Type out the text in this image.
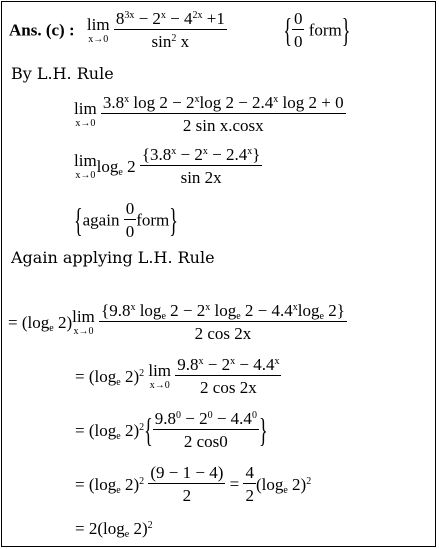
Ans. (c) : lim
x→0
$\frac{8^{3x} - 2^x - 4^{2x} +1}{\sin^2 x}$	{ $\frac{0}{0}$ form}
By L.H. Rule
lim
x→0
$\frac{3.8^x \log 2 - 2^x\log 2 - 2.4^x \log 2 + 0}{\text{2 sin x.cosx}}$
lim
x→0 $\log_e 2 \frac{\{3.8^x - 2^x - 2.4^x\}}{\sin 2x}$
{again $\frac{0}{0}$ form}
Again applying L.H. Rule
= ($\log_e$ 2) lim
x→0
$\frac{\{9.8^x \log_e 2 - 2^x \log_e 2 - 4.4^x\log_e 2\}}{2 \cos 2x}$
= ($\log_e$ 2)$^2$ lim
x→0
$\frac{9.8^x - 2^x - 4.4^x}{2 \cos 2x}$
= ($\log_e$ $2)^2\{ \frac{9.8^0 - 2^0 - 4.4^0}{2 \cos 0}$ }
= ($\log_e$ $2)^2 \frac{(9 - 1 - 4)}{2} = \frac{4}{2} (\log_e$ 2)$^2$
= $2(\log_e$ 2)$^2$
